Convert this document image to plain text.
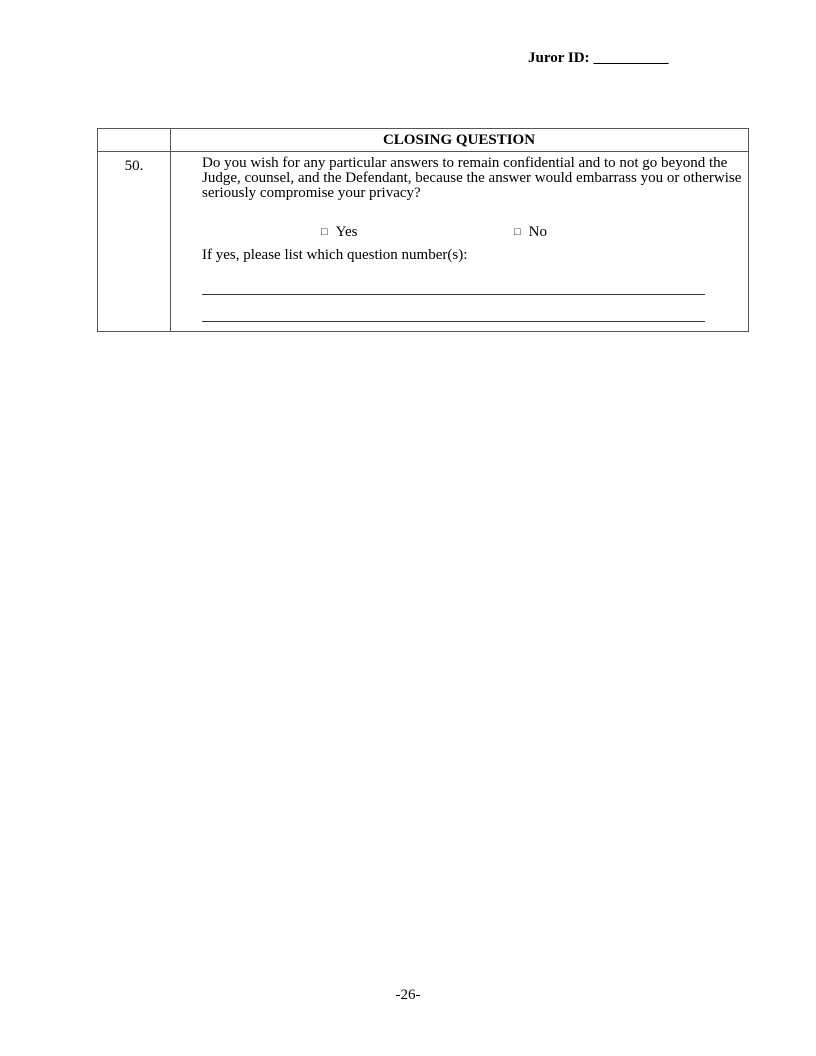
Juror ID: __________
CLOSING QUESTION
50.	Do you wish for any particular answers to remain confidential and to not go beyond the Judge, counsel, and the Defendant, because the answer would embarrass you or otherwise seriously compromise your privacy?
□ Yes	□ No
If yes, please list which question number(s):
-26-
